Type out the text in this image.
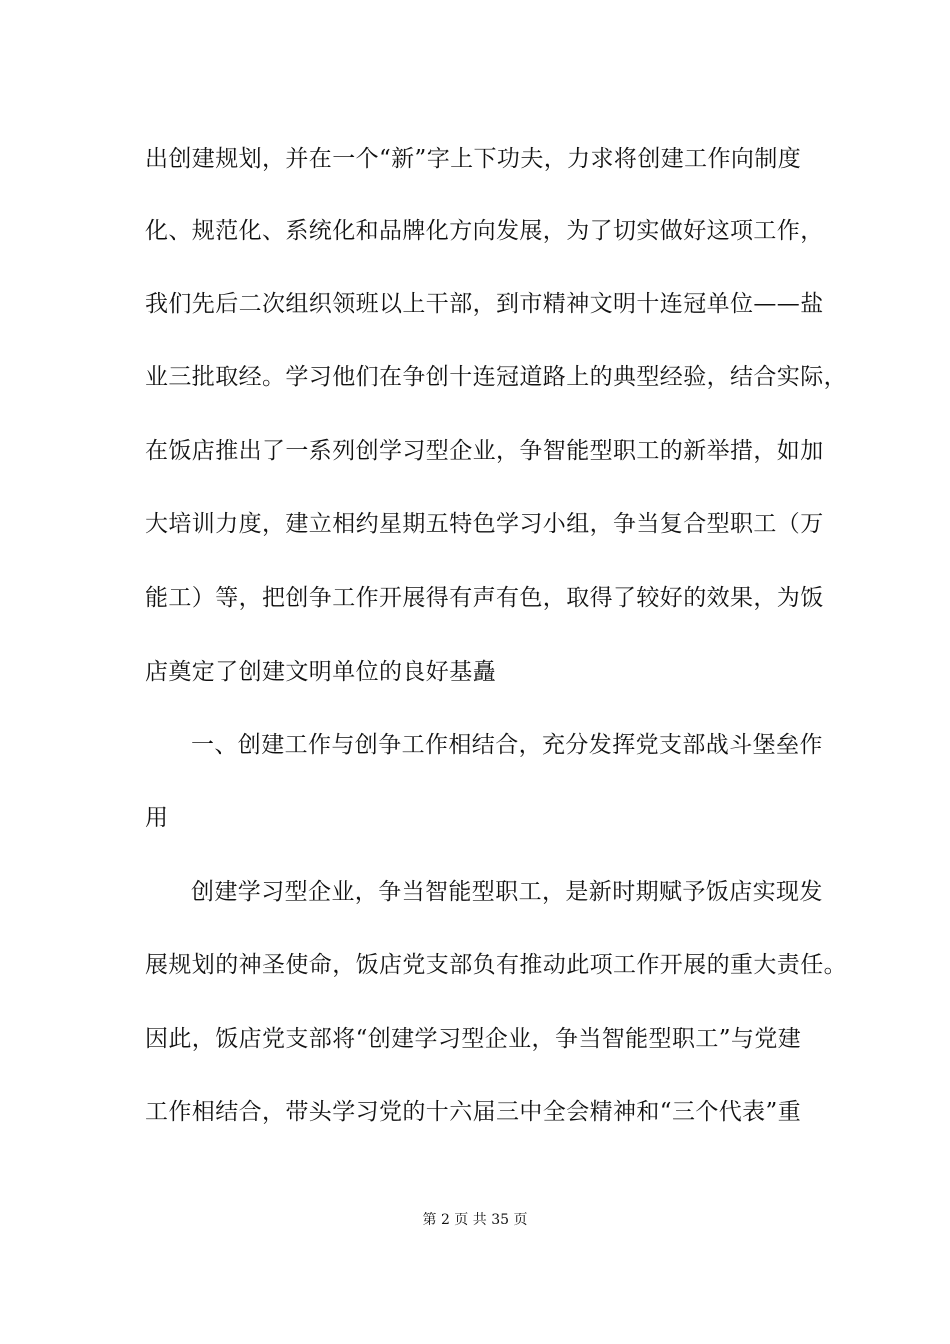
出创建规划，并在一个“新”字上下功夫，力求将创建工作向制度
化、规范化、系统化和品牌化方向发展，为了切实做好这项工作，
我们先后二次组织领班以上干部，到市精神文明十连冠单位——盐
业三批取经。学习他们在争创十连冠道路上的典型经验，结合实际，
在饭店推出了一系列创学习型企业，争智能型职工的新举措，如加
大培训力度，建立相约星期五特色学习小组，争当复合型职工（万
能工）等，把创争工作开展得有声有色，取得了较好的效果，为饭
店奠定了创建文明单位的良好基矗
一、创建工作与创争工作相结合，充分发挥党支部战斗堡垒作
用
创建学习型企业，争当智能型职工，是新时期赋予饭店实现发
展规划的神圣使命，饭店党支部负有推动此项工作开展的重大责任。
因此，饭店党支部将“创建学习型企业，争当智能型职工”与党建
工作相结合，带头学习党的十六届三中全会精神和“三个代表”重
第 2 页 共 35 页
